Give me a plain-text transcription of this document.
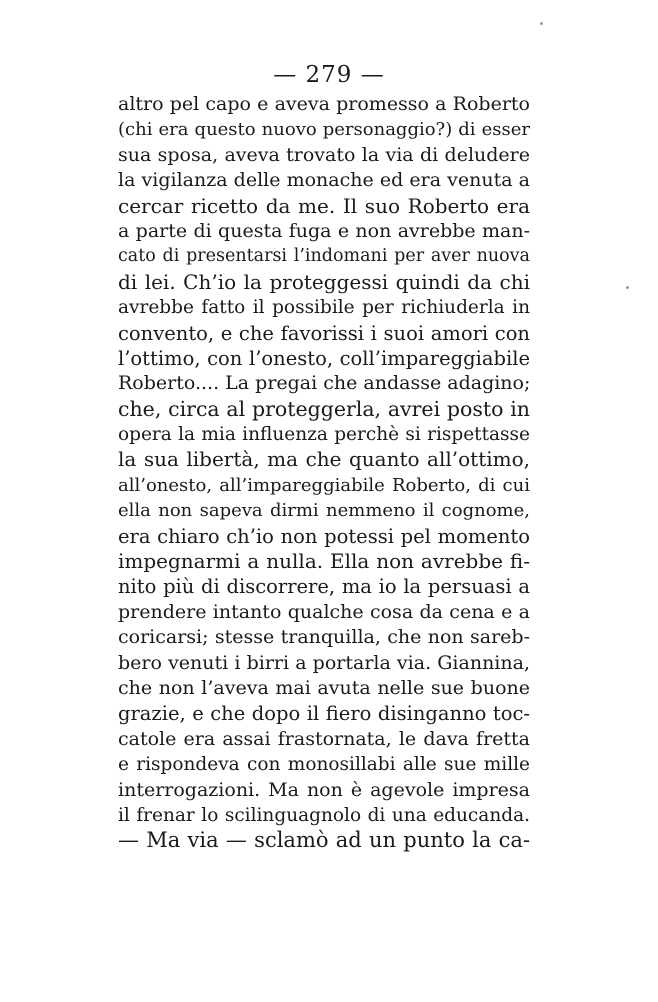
— 279 —
altro pel capo e aveva promesso a Roberto
(chi era questo nuovo personaggio?) di esser
sua sposa, aveva trovato la via di deludere
la vigilanza delle monache ed era venuta a
cercar ricetto da me. Il suo Roberto era
a parte di questa fuga e non avrebbe man-
cato di presentarsi l’indomani per aver nuova
di lei. Ch’io la proteggessi quindi da chi
avrebbe fatto il possibile per richiuderla in
convento, e che favorissi i suoi amori con
l’ottimo, con l’onesto, coll’impareggiabile
Roberto.... La pregai che andasse adagino;
che, circa al proteggerla, avrei posto in
opera la mia influenza perchè si rispettasse
la sua libertà, ma che quanto all’ottimo,
all’onesto, all’impareggiabile Roberto, di cui
ella non sapeva dirmi nemmeno il cognome,
era chiaro ch’io non potessi pel momento
impegnarmi a nulla. Ella non avrebbe fi-
nito più di discorrere, ma io la persuasi a
prendere intanto qualche cosa da cena e a
coricarsi; stesse tranquilla, che non sareb-
bero venuti i birri a portarla via. Giannina,
che non l’aveva mai avuta nelle sue buone
grazie, e che dopo il fiero disinganno toc-
catole era assai frastornata, le dava fretta
e rispondeva con monosillabi alle sue mille
interrogazioni. Ma non è agevole impresa
il frenar lo scilinguagnolo di una educanda.
— Ma via — sclamò ad un punto la ca-
